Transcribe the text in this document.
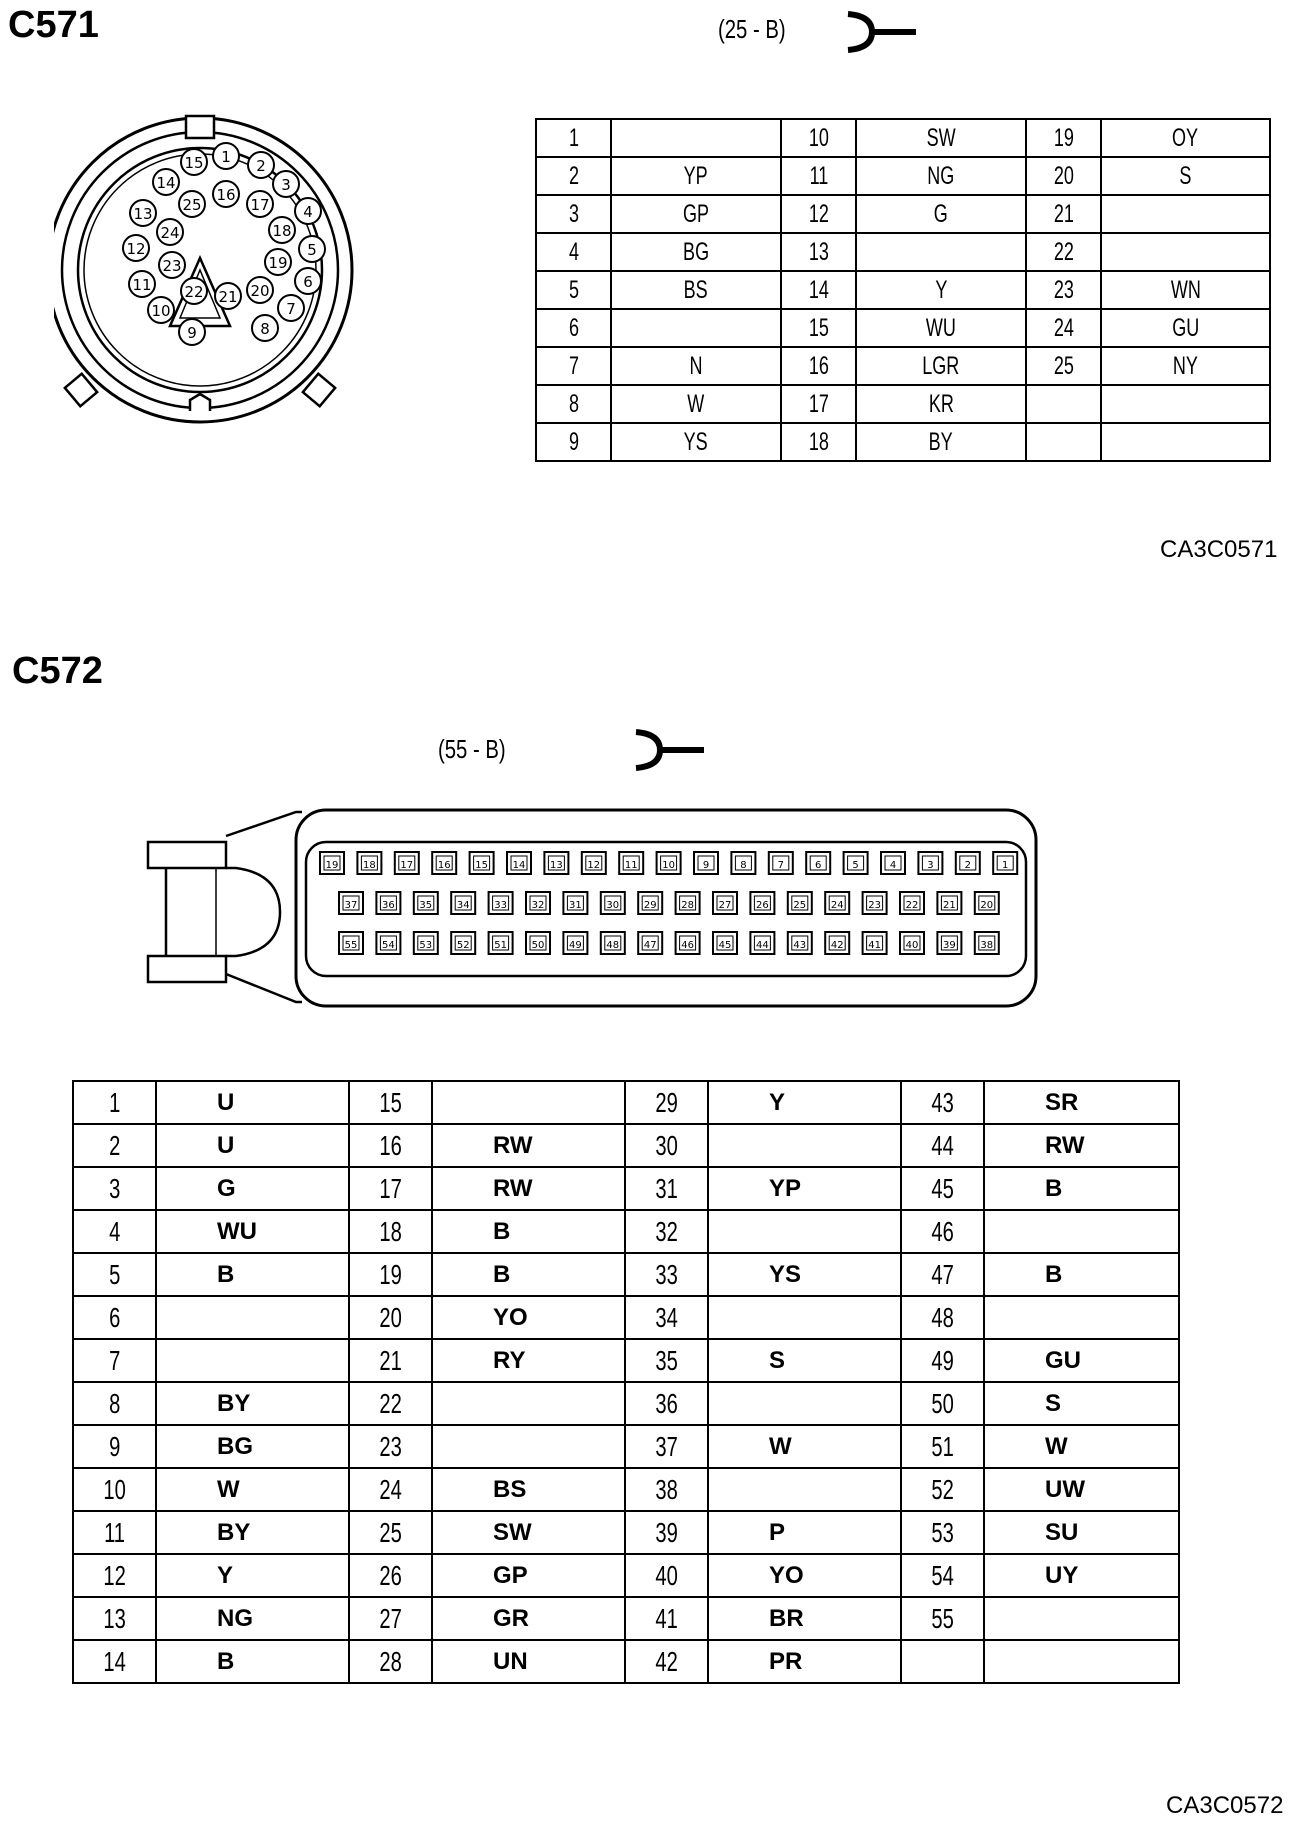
C571	(25 - B)
1 2
3
4
5
6
7
8
9
10
11
12
13
14
15
16
17
18
19
20
21
22
23
24
25
1		10	SW	19	OY
2	YP	11	NG	20	S
3	GP	12	G	21	
4	BG	13		22	
5	BS	14	Y	23	WN
6		15	WU	24	GU
7	N	16	LGR	25	NY
8	W	17	KR		
9	YS	18	BY		
CA3C0571
C572
(55 - B)
19 18 17 16 15 14 13 12 11 10	9	8	7	6	5	4	3	2	1
37 36 35 34 33 32 31 30 29 28 27 26 25 24 23 22 21 20
55 54 53 52 51 50 49 48 47 46 45 44 43 42 41 40 39 38
1	U	15		29	Y	43	SR
2	U	16	RW	30		44	RW
3	G	17	RW	31	YP	45	B
4	WU	18	B	32		46	
5	B	19	B	33	YS	47	B
6		20	YO	34		48	
7		21	RY	35	S	49	GU
8	BY	22		36		50	S
9	BG	23		37	W	51	W
10	W	24	BS	38		52	UW
11	BY	25	SW	39	P	53	SU
12	Y	26	GP	40	YO	54	UY
13	NG	27	GR	41	BR	55	
14	B	28	UN	42	PR		
CA3C0572
